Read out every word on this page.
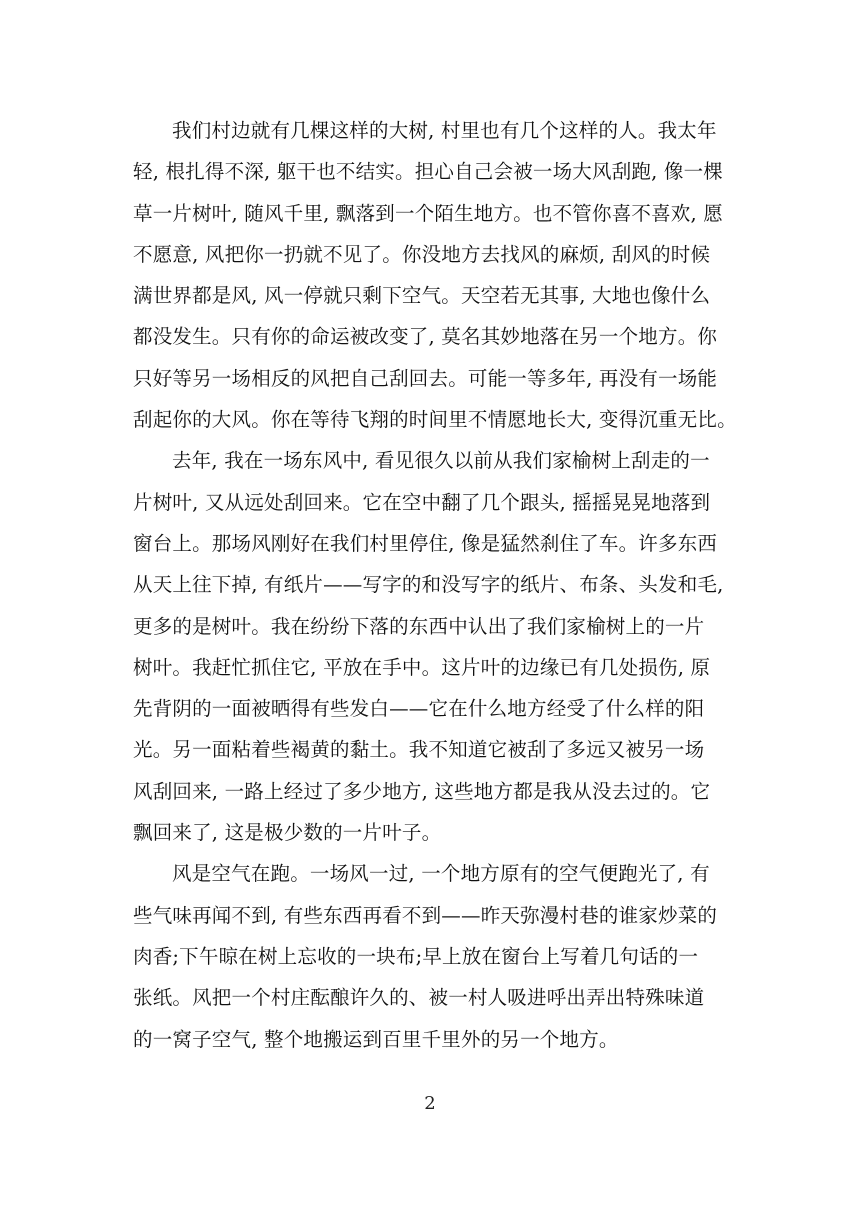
我们村边就有几棵这样的大树, 村里也有几个这样的人。我太年
轻, 根扎得不深, 躯干也不结实。担心自己会被一场大风刮跑, 像一棵
草一片树叶, 随风千里, 飘落到一个陌生地方。也不管你喜不喜欢, 愿
不愿意, 风把你一扔就不见了。你没地方去找风的麻烦, 刮风的时候
满世界都是风, 风一停就只剩下空气。天空若无其事, 大地也像什么
都没发生。只有你的命运被改变了, 莫名其妙地落在另一个地方。你
只好等另一场相反的风把自己刮回去。可能一等多年, 再没有一场能
刮起你的大风。你在等待飞翔的时间里不情愿地长大, 变得沉重无比。
去年, 我在一场东风中, 看见很久以前从我们家榆树上刮走的一
片树叶, 又从远处刮回来。它在空中翻了几个跟头, 摇摇晃晃地落到
窗台上。那场风刚好在我们村里停住, 像是猛然刹住了车。许多东西
从天上往下掉, 有纸片——写字的和没写字的纸片、布条、头发和毛,
更多的是树叶。我在纷纷下落的东西中认出了我们家榆树上的一片
树叶。我赶忙抓住它, 平放在手中。这片叶的边缘已有几处损伤, 原
先背阴的一面被晒得有些发白——它在什么地方经受了什么样的阳
光。另一面粘着些褐黄的黏土。我不知道它被刮了多远又被另一场
风刮回来, 一路上经过了多少地方, 这些地方都是我从没去过的。它
飘回来了, 这是极少数的一片叶子。
风是空气在跑。一场风一过, 一个地方原有的空气便跑光了, 有
些气味再闻不到, 有些东西再看不到——昨天弥漫村巷的谁家炒菜的
肉香;下午晾在树上忘收的一块布;早上放在窗台上写着几句话的一
张纸。风把一个村庄酝酿许久的、被一村人吸进呼出弄出特殊味道
的一窝子空气, 整个地搬运到百里千里外的另一个地方。
2
